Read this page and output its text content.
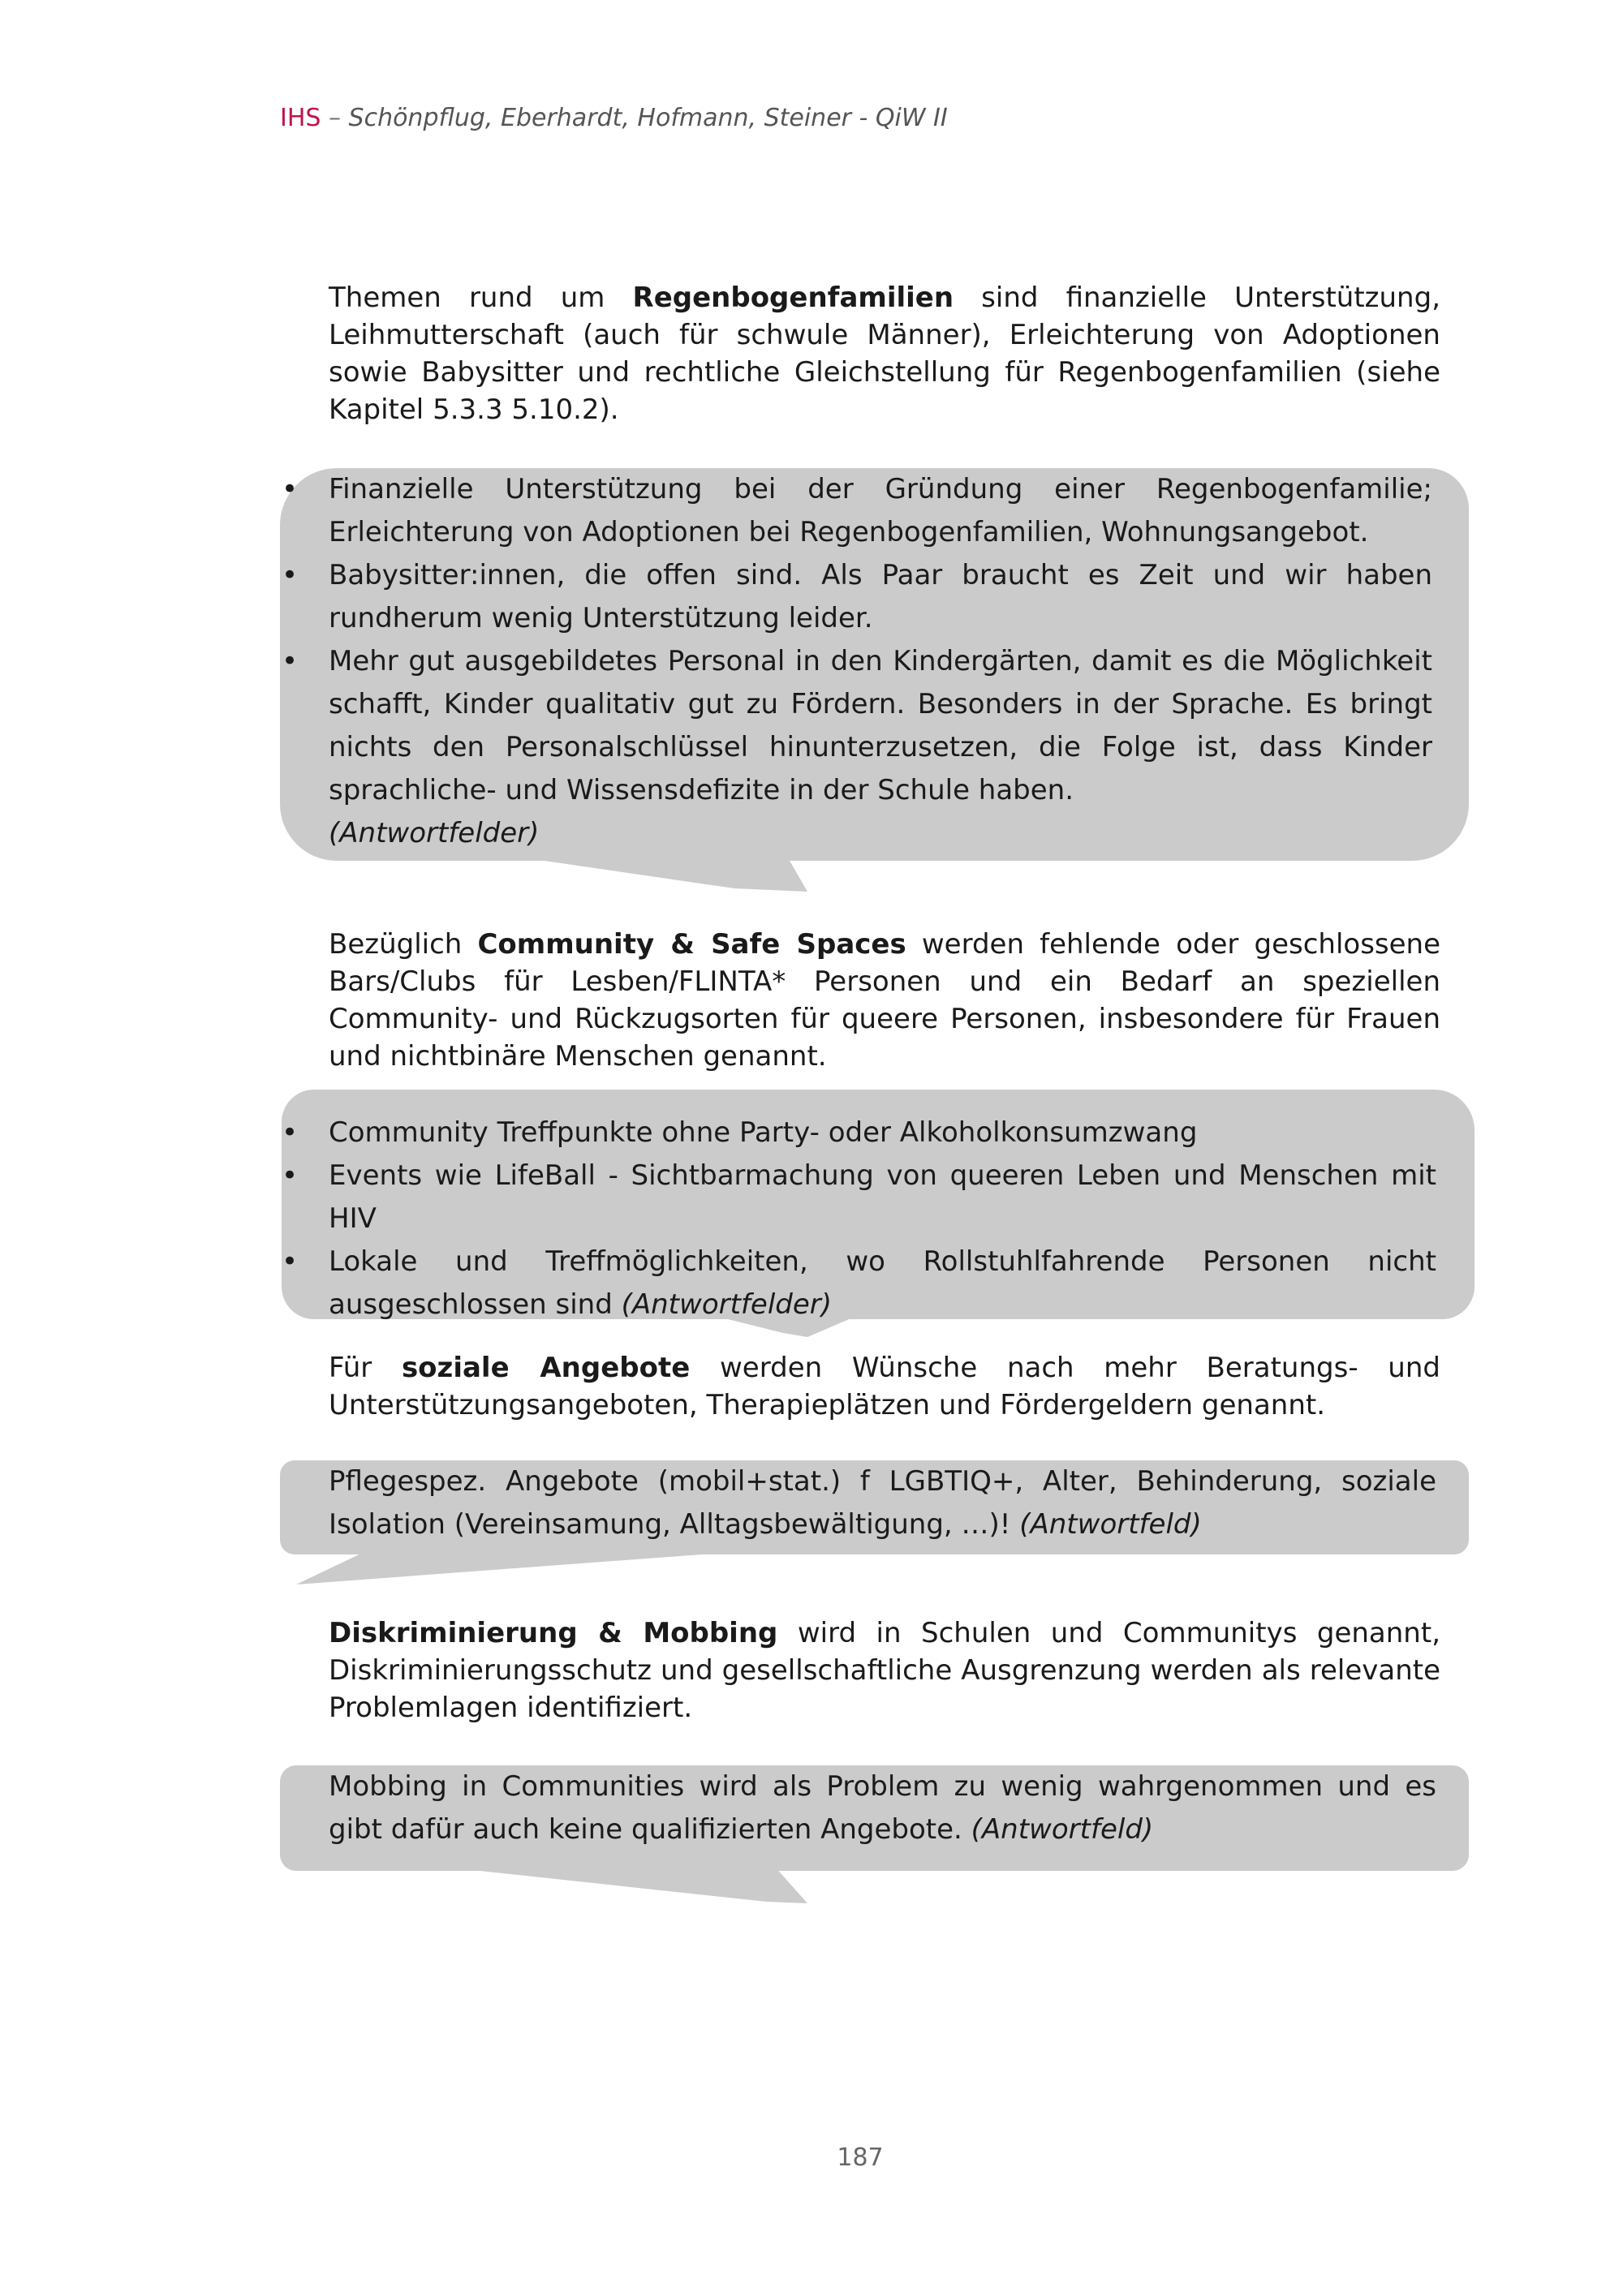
IHS – Schönpflug, Eberhardt, Hofmann, Steiner - QiW II

Themen rund um Regenbogenfamilien sind finanzielle Unterstützung, Leihmutterschaft (auch für schwule Männer), Erleichterung von Adoptionen sowie Babysitter und rechtliche Gleichstellung für Regenbogenfamilien (siehe Kapitel 5.3.3 5.10.2).

• Finanzielle Unterstützung bei der Gründung einer Regenbogenfamilie; Erleichterung von Adoptionen bei Regenbogenfamilien, Wohnungsangebot.
• Babysitter:innen, die offen sind. Als Paar braucht es Zeit und wir haben rundherum wenig Unterstützung leider.
• Mehr gut ausgebildetes Personal in den Kindergärten, damit es die Möglichkeit schafft, Kinder qualitativ gut zu Fördern. Besonders in der Sprache. Es bringt nichts den Personalschlüssel hinunterzusetzen, die Folge ist, dass Kinder sprachliche- und Wissensdefizite in der Schule haben.
(Antwortfelder)

Bezüglich Community & Safe Spaces werden fehlende oder geschlossene Bars/Clubs für Lesben/FLINTA* Personen und ein Bedarf an speziellen Community- und Rückzugsorten für queere Personen, insbesondere für Frauen und nichtbinäre Menschen genannt.

• Community Treffpunkte ohne Party- oder Alkoholkonsumzwang
• Events wie LifeBall - Sichtbarmachung von queeren Leben und Menschen mit HIV
• Lokale und Treffmöglichkeiten, wo Rollstuhlfahrende Personen nicht ausgeschlossen sind (Antwortfelder)

Für soziale Angebote werden Wünsche nach mehr Beratungs- und Unterstützungsangeboten, Therapieplätzen und Fördergeldern genannt.

Pflegespez. Angebote (mobil+stat.) f LGBTIQ+, Alter, Behinderung, soziale Isolation (Vereinsamung, Alltagsbewältigung, …)! (Antwortfeld)

Diskriminierung & Mobbing wird in Schulen und Communitys genannt, Diskriminierungsschutz und gesellschaftliche Ausgrenzung werden als relevante Problemlagen identifiziert.

Mobbing in Communities wird als Problem zu wenig wahrgenommen und es gibt dafür auch keine qualifizierten Angebote. (Antwortfeld)
187
